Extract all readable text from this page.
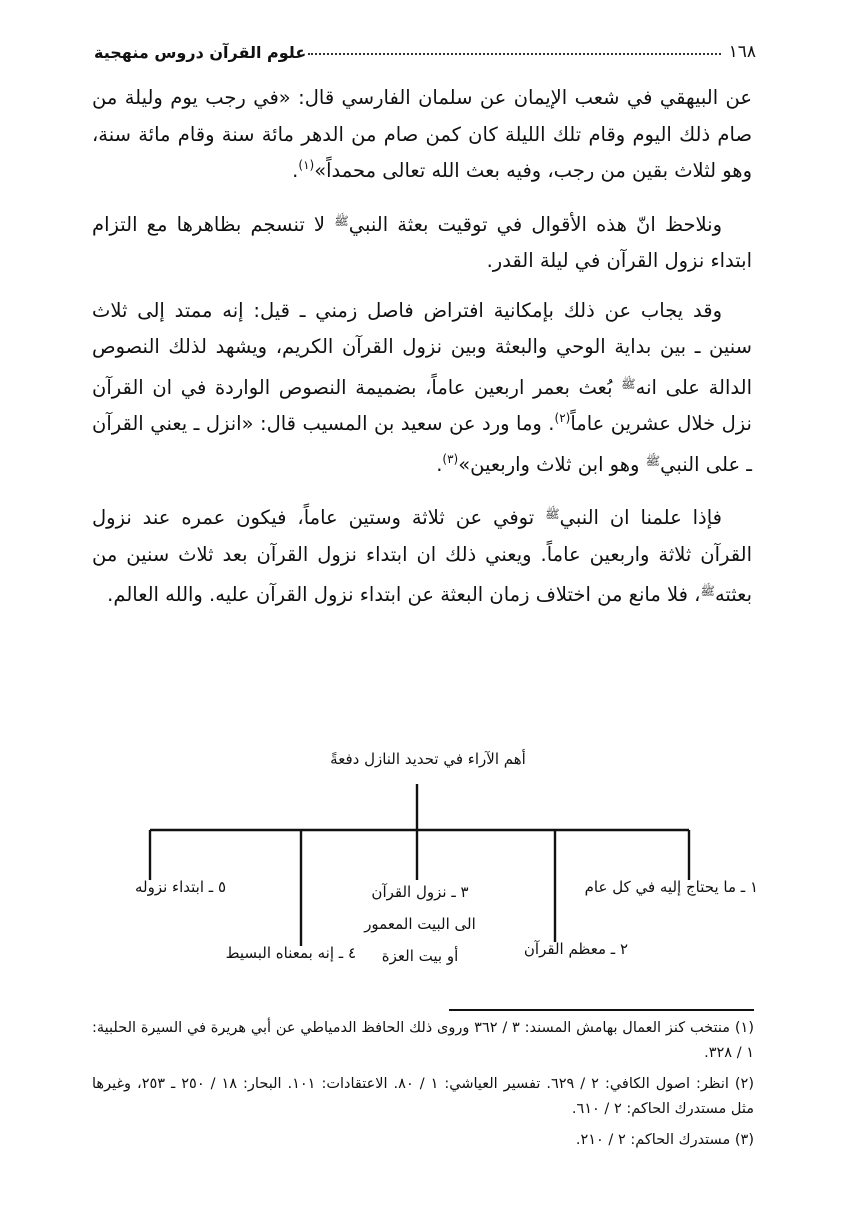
١٦٨
علوم القرآن دروس منهجية

عن البيهقي في شعب الإيمان عن سلمان الفارسي قال: «في رجب يوم وليلة من صام ذلك اليوم وقام تلك الليلة كان كمن صام من الدهر مائة سنة وقام مائة سنة، وهو لثلاث بقين من رجب، وفيه بعث الله تعالى محمداً»$^{(١)}$.

ونلاحظ انّ هذه الأقوال في توقيت بعثة النبي$^ﷺ$ لا تنسجم بظاهرها مع التزام ابتداء نزول القرآن في ليلة القدر.

وقد يجاب عن ذلك بإمكانية افتراض فاصل زمني ـ قيل: إنه ممتد إلى ثلاث سنين ـ بين بداية الوحي والبعثة وبين نزول القرآن الكريم، ويشهد لذلك النصوص الدالة على انه$^ﷺ$ بُعث بعمر اربعين عاماً، بضميمة النصوص الواردة في ان القرآن نزل خلال عشرين عاماً$^{(٢)}$. وما ورد عن سعيد بن المسيب قال: «انزل ـ يعني القرآن ـ على النبي$^ﷺ$ وهو ابن ثلاث واربعين»$^{(٣)}$.

فإذا علمنا ان النبي$^ﷺ$ توفي عن ثلاثة وستين عاماً، فيكون عمره عند نزول القرآن ثلاثة واربعين عاماً. ويعني ذلك ان ابتداء نزول القرآن بعد ثلاث سنين من بعثته$^ﷺ$، فلا مانع من اختلاف زمان البعثة عن ابتداء نزول القرآن عليه. والله العالم.

أهم الآراء في تحديد النازل دفعةً
١ ـ ما يحتاج إليه في كل عام
٢ ـ معظم القرآن
٣ ـ نزول القرآن
الى البيت المعمور
أو بيت العزة
٤ ـ إنه بمعناه البسيط
٥ ـ ابتداء نزوله
(١) منتخب كنز العمال بهامش المسند: ٣ / ٣٦٢ وروى ذلك الحافظ الدمياطي عن أبي هريرة في السيرة الحلبية: ١ / ٣٢٨.
(٢) انظر: اصول الكافي: ٢ / ٦٢٩. تفسير العياشي: ١ / ٨٠. الاعتقادات: ١٠١. البحار: ١٨ / ٢٥٠ ـ ٢٥٣، وغيرها مثل مستدرك الحاكم: ٢ / ٦١٠.
(٣) مستدرك الحاكم: ٢ / ٢١٠.
